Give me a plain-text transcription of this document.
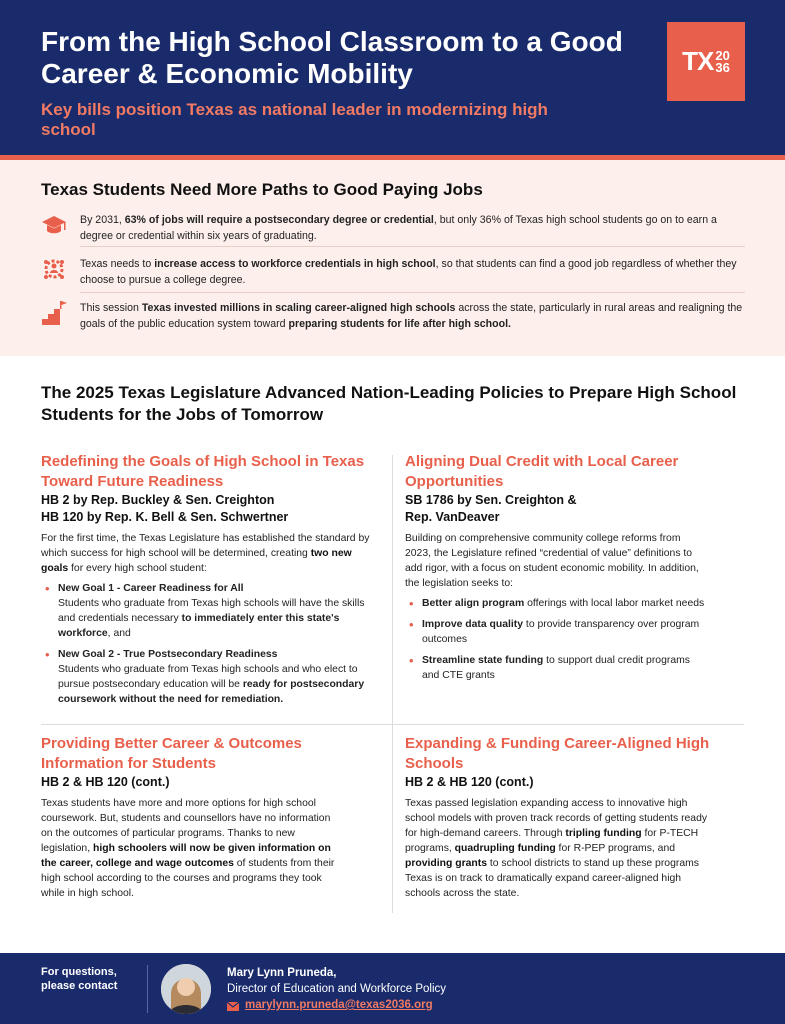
From the High School Classroom to a Good Career & Economic Mobility
Key bills position Texas as national leader in modernizing high school
TX 20
36
Texas Students Need More Paths to Good Paying Jobs
By 2031, 63% of jobs will require a postsecondary degree or credential, but only 36% of Texas high school students go on to earn a degree or credential within six years of graduating.
Texas needs to increase access to workforce credentials in high school, so that students can find a good job regardless of whether they choose to pursue a college degree.
This session Texas invested millions in scaling career-aligned high schools across the state, particularly in rural areas and realigning the goals of the public education system toward preparing students for life after high school.
The 2025 Texas Legislature Advanced Nation-Leading Policies to Prepare High School Students for the Jobs of Tomorrow
Redefining the Goals of High School in Texas Toward Future Readiness
HB 2 by Rep. Buckley & Sen. Creighton
HB 120 by Rep. K. Bell & Sen. Schwertner
For the first time, the Texas Legislature has established the standard by which success for high school will be determined, creating two new goals for every high school student:
• New Goal 1 - Career Readiness for All
Students who graduate from Texas high schools will have the skills and credentials necessary to immediately enter this state's workforce, and
• New Goal 2 - True Postsecondary Readiness
Students who graduate from Texas high schools and who elect to pursue postsecondary education will be ready for postsecondary coursework without the need for remediation.
Aligning Dual Credit with Local Career Opportunities
SB 1786 by Sen. Creighton &
Rep. VanDeaver
Building on comprehensive community college reforms from 2023, the Legislature refined “credential of value” definitions to add rigor, with a focus on student economic mobility. In addition, the legislation seeks to:
• Better align program offerings with local labor market needs
• Improve data quality to provide transparency over program outcomes
• Streamline state funding to support dual credit programs and CTE grants
Providing Better Career & Outcomes Information for Students
HB 2 & HB 120 (cont.)
Texas students have more and more options for high school coursework. But, students and counsellors have no information on the outcomes of particular programs. Thanks to new legislation, high schoolers will now be given information on the career, college and wage outcomes of students from their high school according to the courses and programs they took while in high school.
Expanding & Funding Career-Aligned High Schools
HB 2 & HB 120 (cont.)
Texas passed legislation expanding access to innovative high school models with proven track records of getting students ready for high-demand careers. Through tripling funding for P-TECH programs, quadrupling funding for R-PEP programs, and providing grants to school districts to stand up these programs Texas is on track to dramatically expand career-aligned high schools across the state.
For questions, please contact
Mary Lynn Pruneda,
Director of Education and Workforce Policy
marylynn.pruneda@texas2036.org
